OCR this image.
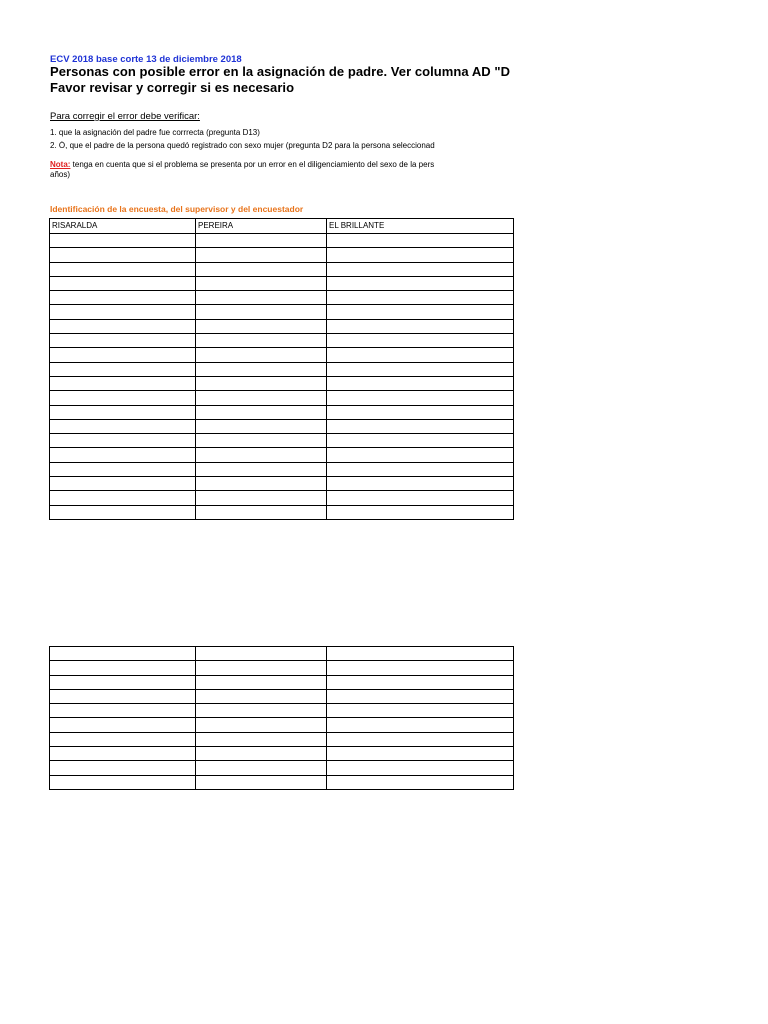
ECV 2018 base corte 13 de diciembre 2018
Personas con posible error en la asignación de padre. Ver columna AD "D
Favor revisar y corregir si es necesario
Para corregir el error debe verificar:
1. que la asignación del padre fue corrrecta (pregunta D13)
2. Ó, que el padre de la persona quedó registrado con sexo mujer (pregunta D2 para la persona seleccionad
Nota: tenga en cuenta que si el problema se presenta por un error en el diligenciamiento del sexo de la pers
años)
Identificación de la encuesta, del supervisor y del encuestador
RISARALDA	PEREIRA	EL BRILLANTE
